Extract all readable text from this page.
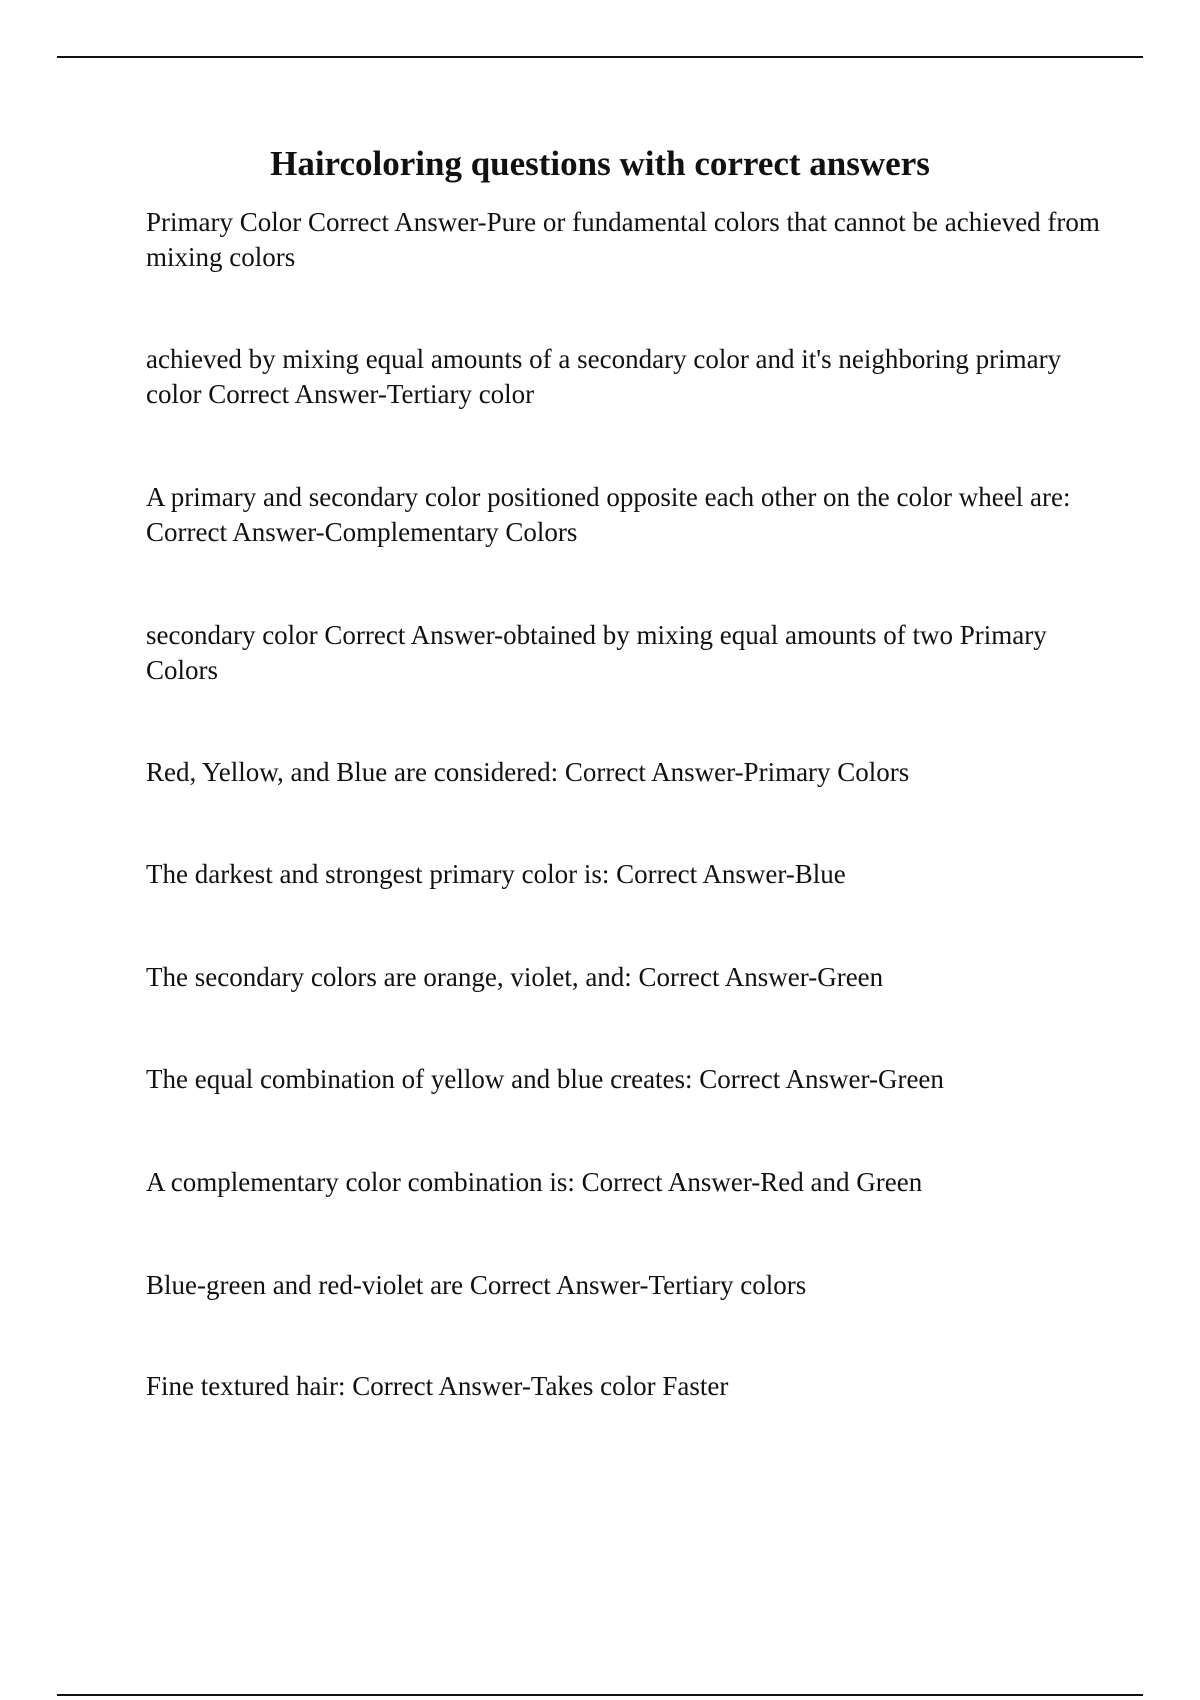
Haircoloring questions with correct answers

Primary Color Correct Answer-Pure or fundamental colors that cannot be achieved from mixing colors

achieved by mixing equal amounts of a secondary color and it's neighboring primary color Correct Answer-Tertiary color

A primary and secondary color positioned opposite each other on the color wheel are: Correct Answer-Complementary Colors

secondary color Correct Answer-obtained by mixing equal amounts of two Primary Colors

Red, Yellow, and Blue are considered: Correct Answer-Primary Colors

The darkest and strongest primary color is: Correct Answer-Blue

The secondary colors are orange, violet, and: Correct Answer-Green

The equal combination of yellow and blue creates: Correct Answer-Green

A complementary color combination is: Correct Answer-Red and Green

Blue-green and red-violet are Correct Answer-Tertiary colors

Fine textured hair: Correct Answer-Takes color Faster
